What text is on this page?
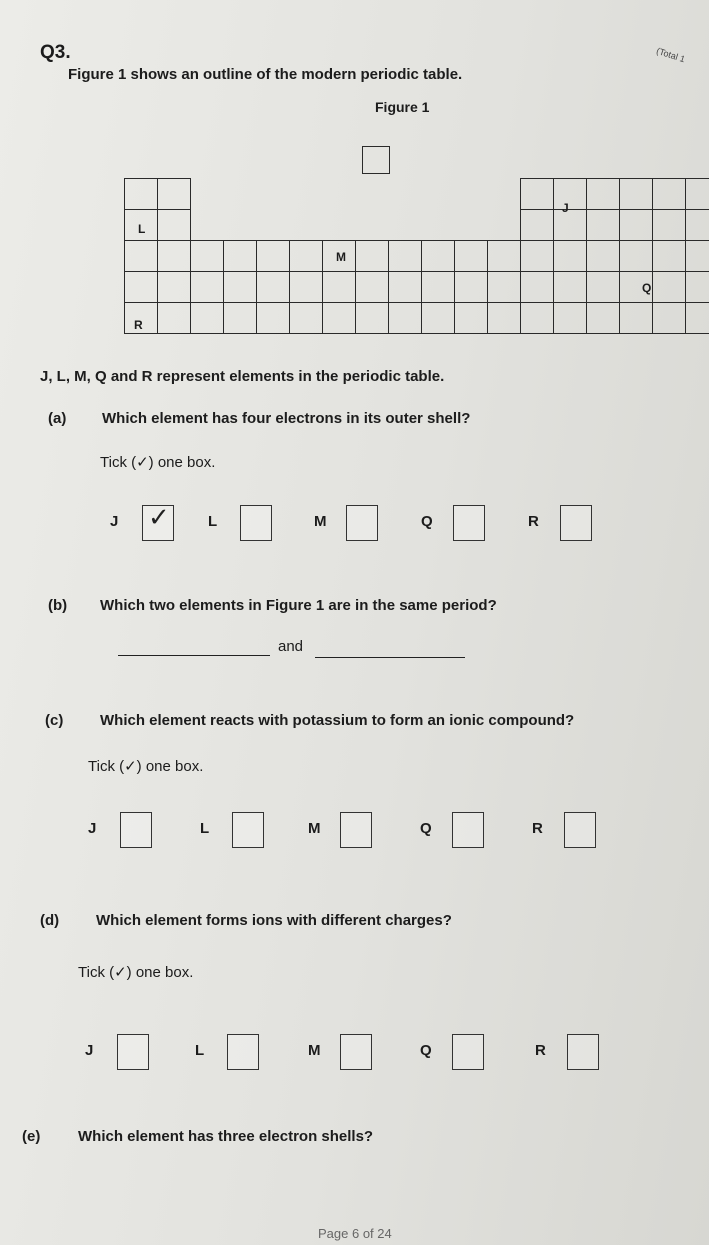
Q3.	(Total 1
Figure 1 shows an outline of the modern periodic table.
Figure 1
J
L
M
Q
R
J, L, M, Q and R represent elements in the periodic table.
(a) Which element has four electrons in its outer shell?
Tick (✓) one box.
J ✓	L	M	Q	R
(b) Which two elements in Figure 1 are in the same period?
and
(c) Which element reacts with potassium to form an ionic compound?
Tick (✓) one box.
J	L	M	Q	R
(d) Which element forms ions with different charges?
Tick (✓) one box.
J	L	M	Q	R
(e)	Which element has three electron shells?
Page 6 of 24
